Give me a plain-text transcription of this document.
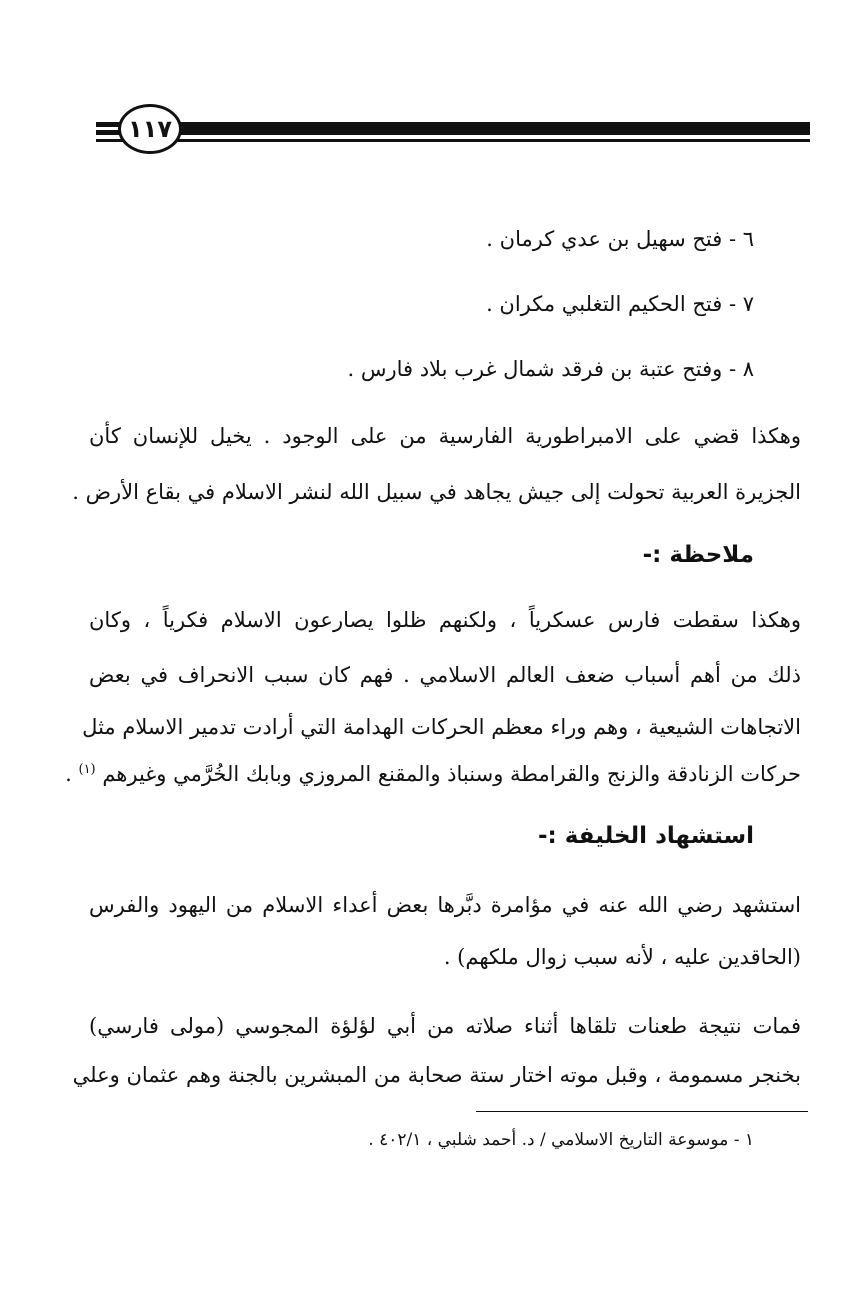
١١٧

٦ - فتح سهيل بن عدي كرمان .

٧ - فتح الحكيم التغلبي مكران .

٨ - وفتح عتبة بن فرقد شمال غرب بلاد فارس .

وهكذا قضي على الامبراطورية الفارسية من على الوجود . يخيل للإنسان كأن

الجزيرة العربية تحولت إلى جيش يجاهد في سبيل الله لنشر الاسلام في بقاع الأرض .

ملاحظة :-

وهكذا سقطت فارس عسكرياً ، ولكنهم ظلوا يصارعون الاسلام فكرياً ، وكان

ذلك من أهم أسباب ضعف العالم الاسلامي . فهم كان سبب الانحراف في بعض

الاتجاهات الشيعية ، وهم وراء معظم الحركات الهدامة التي أرادت تدمير الاسلام مثل

حركات الزنادقة والزنج والقرامطة وسنباذ والمقنع المروزي وبابك الخُرَّمي وغيرهم $^{(١)}$ .

استشهاد الخليفة :-

استشهد رضي الله عنه في مؤامرة دبَّرها بعض أعداء الاسلام من اليهود والفرس

(الحاقدين عليه ، لأنه سبب زوال ملكهم) .

فمات نتيجة طعنات تلقاها أثناء صلاته من أبي لؤلؤة المجوسي (مولى فارسي)

بخنجر مسمومة ، وقبل موته اختار ستة صحابة من المبشرين بالجنة وهم عثمان وعلي

١ - موسوعة التاريخ الاسلامي / د. أحمد شلبي ، ٤٠٢/١ .
